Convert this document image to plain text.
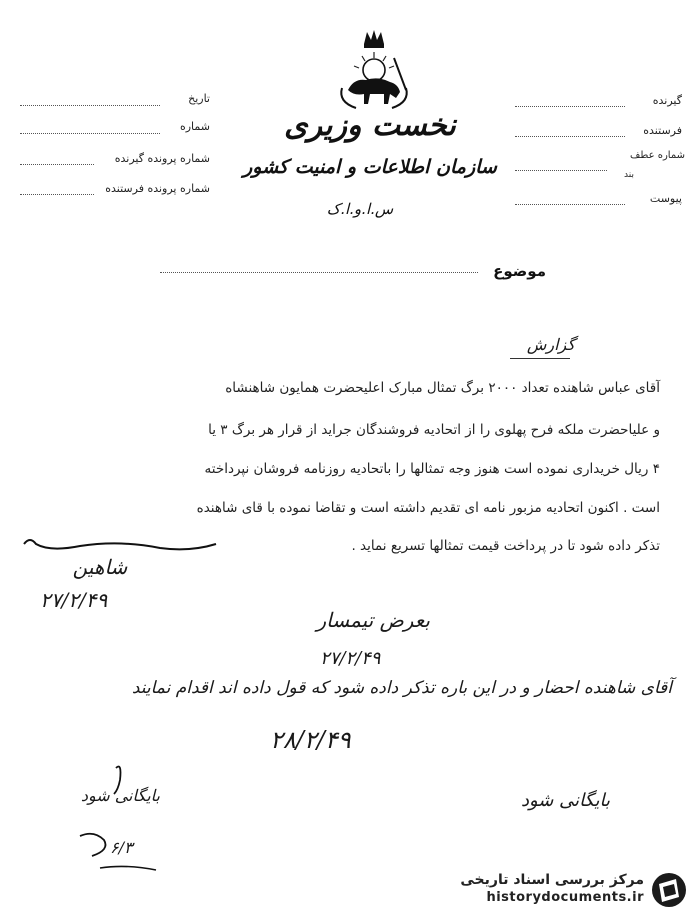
نخست وزیری
سازمان اطلاعات و امنیت کشور
س.ا.و.ا.ک
تاریخ
شماره
شماره پرونده گیرنده
شماره پرونده فرستنده
گیرنده
فرستنده
شماره عطف
بند
پیوست
موضوع
گزارش
آقای عباس شاهنده تعداد ۲۰۰۰ برگ تمثال مبارک اعلیحضرت همایون شاهنشاه
و علیاحضرت ملکه فرح پهلوی را از اتحادیه فروشندگان جراید از قرار هر برگ ۳ یا
۴ ریال خریداری نموده است هنوز وجه تمثالها را باتحادیه روزنامه فروشان نپرداخته
است . اکنون اتحادیه مزبور نامه ای تقدیم داشته است و تقاضا نموده با قای شاهنده
تذکر داده شود تا در پرداخت قیمت تمثالها تسریع نماید .
شاهین
۲۷/۲/۴۹
بعرض تیمسار
۲۷/۲/۴۹
آقای شاهنده احضار و در این باره تذکر داده شود که قول داده اند اقدام نمایند
۲۸/۲/۴۹
بایگانی شود
بایگانی شود
۶/۳
مرکز بررسی اسناد تاریخی
historydocuments.ir
